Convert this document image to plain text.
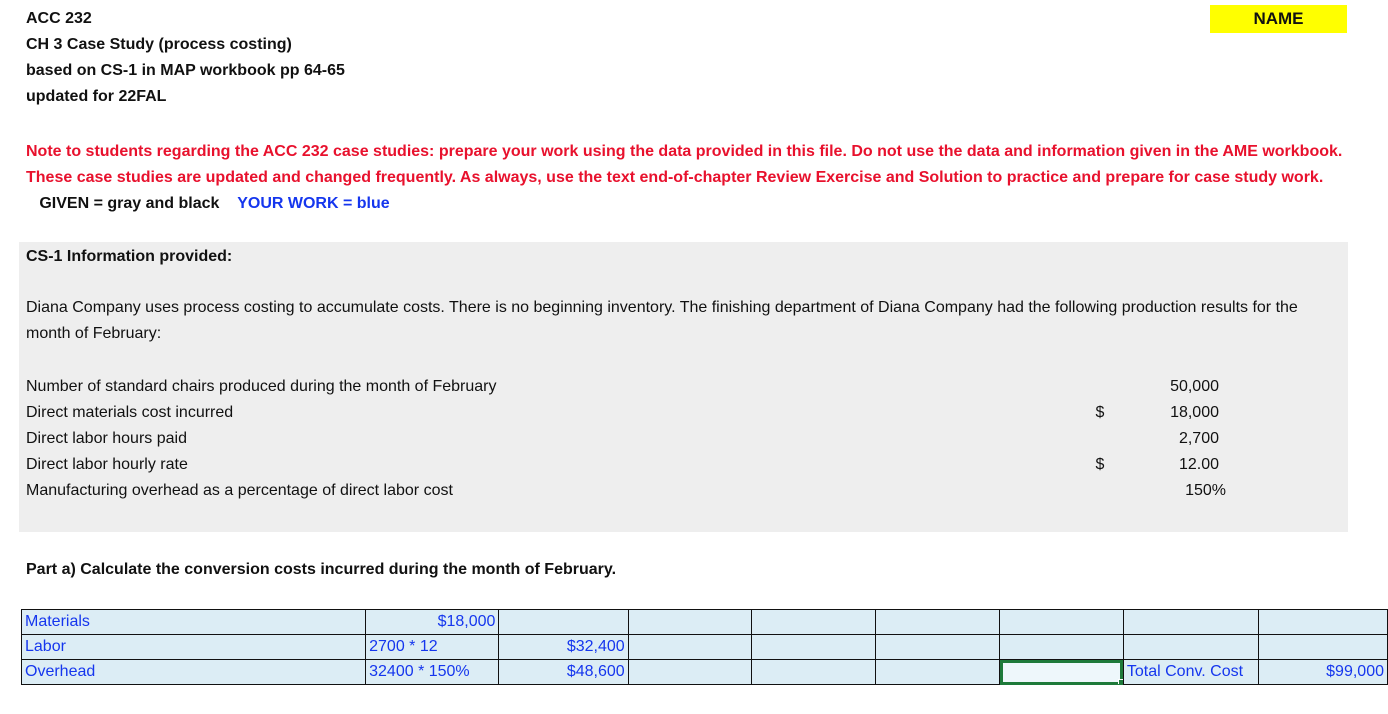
ACC 232
CH 3 Case Study (process costing)
based on CS-1 in MAP workbook pp 64-65
updated for 22FAL
NAME
Note to students regarding the ACC 232 case studies: prepare your work using the data provided in this file. Do not use the data and information given in the AME workbook. These case studies are updated and changed frequently. As always, use the text end-of-chapter Review Exercise and Solution to practice and prepare for case study work.    GIVEN = gray and black YOUR WORK = blue
CS-1 Information provided:
Diana Company uses process costing to accumulate costs. There is no beginning inventory. The finishing department of Diana Company had the following production results for the month of February:
Number of standard chairs produced during the month of February	50,000
Direct materials cost incurred	$	18,000
Direct labor hours paid	2,700
Direct labor hourly rate	$	12.00
Manufacturing overhead as a percentage of direct labor cost	150%
Part a) Calculate the conversion costs incurred during the month of February.
Materials	$18,000							
Labor	2700 * 12	$32,400						
Overhead	32400 * 150%	$48,600					Total Conv. Cost	$99,000
